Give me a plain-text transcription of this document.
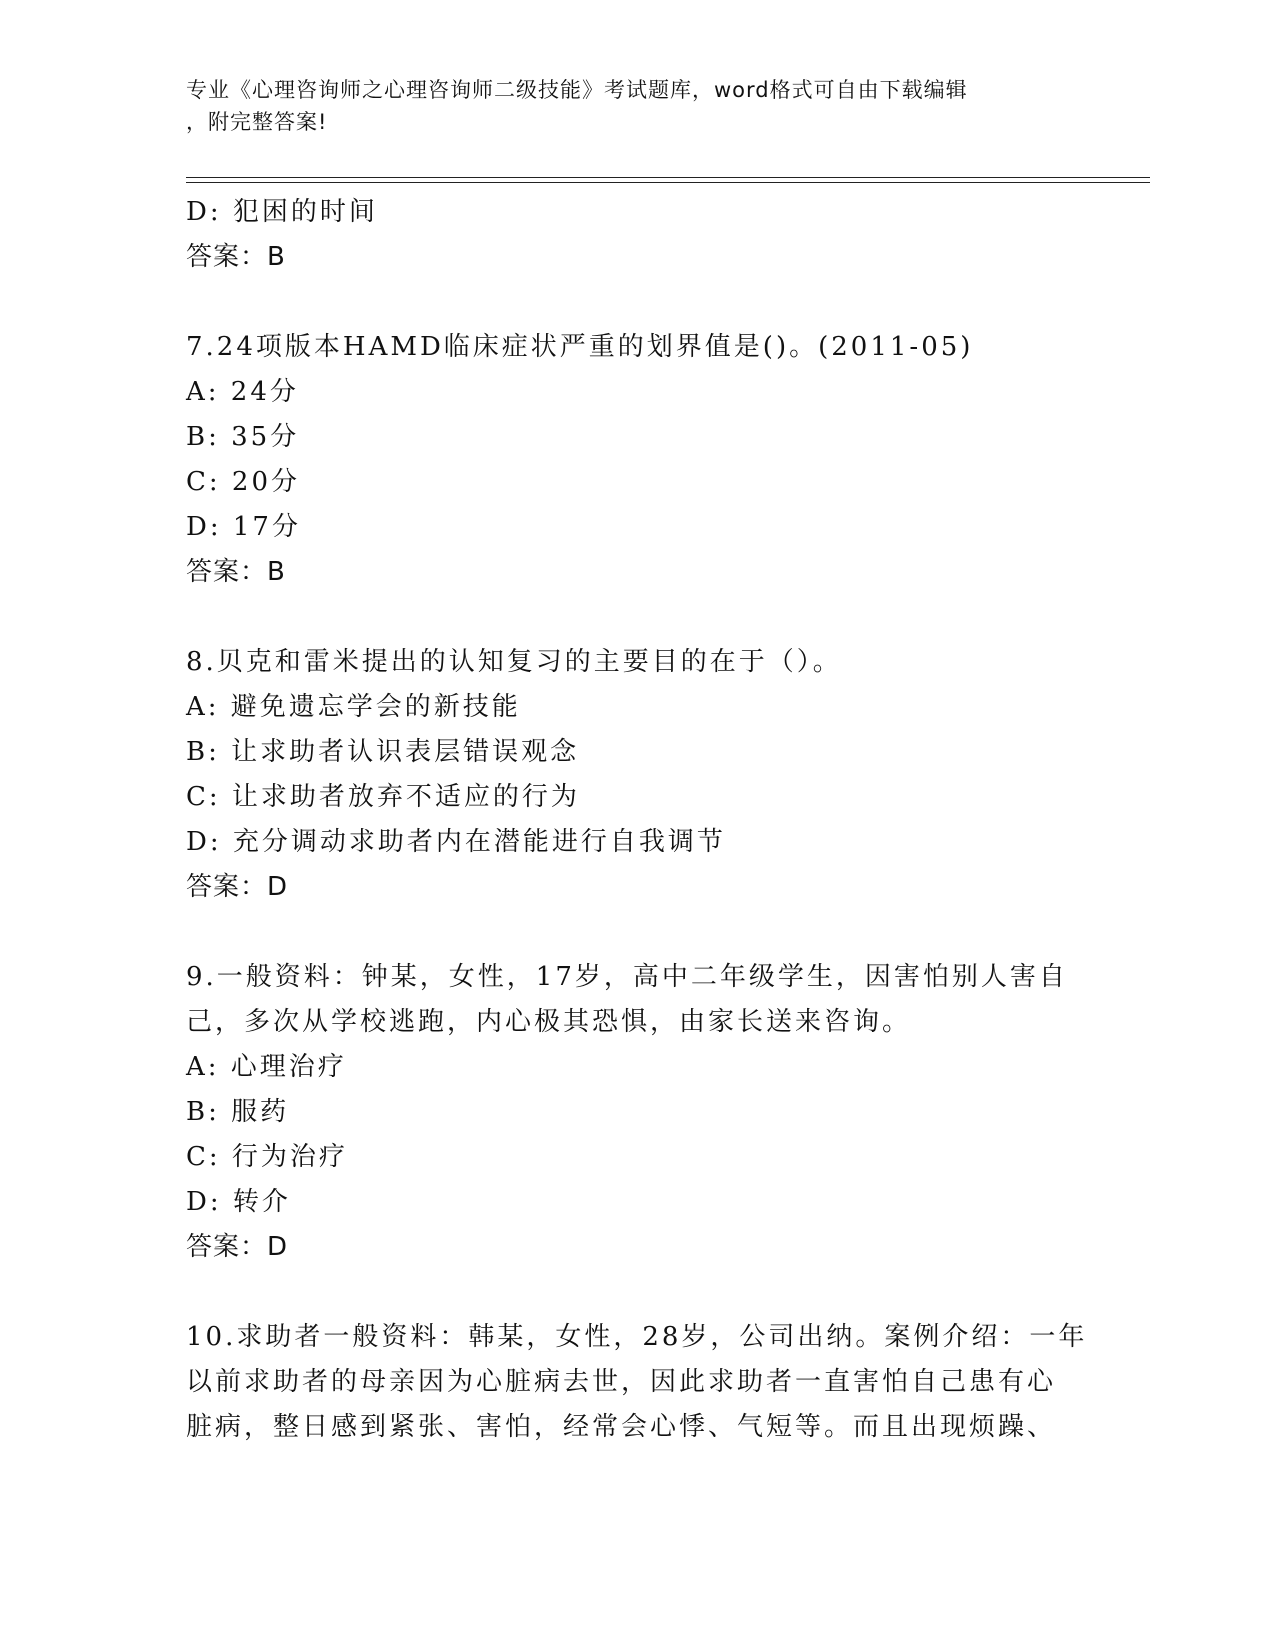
专业《心理咨询师之心理咨询师二级技能》考试题库，word格式可自由下载编辑
，附完整答案!
D: 犯困的时间
答案：B
7.24项版本HAMD临床症状严重的划界值是()。(2011-05)
A: 24分
B: 35分
C: 20分
D: 17分
答案：B
8.贝克和雷米提出的认知复习的主要目的在于（）。
A: 避免遗忘学会的新技能
B: 让求助者认识表层错误观念
C: 让求助者放弃不适应的行为
D: 充分调动求助者内在潜能进行自我调节
答案：D
9.一般资料：钟某，女性，17岁，高中二年级学生，因害怕别人害自
己，多次从学校逃跑，内心极其恐惧，由家长送来咨询。
A: 心理治疗
B: 服药
C: 行为治疗
D: 转介
答案：D
10.求助者一般资料：韩某，女性，28岁，公司出纳。案例介绍：一年
以前求助者的母亲因为心脏病去世，因此求助者一直害怕自己患有心
脏病，整日感到紧张、害怕，经常会心悸、气短等。而且出现烦躁、
